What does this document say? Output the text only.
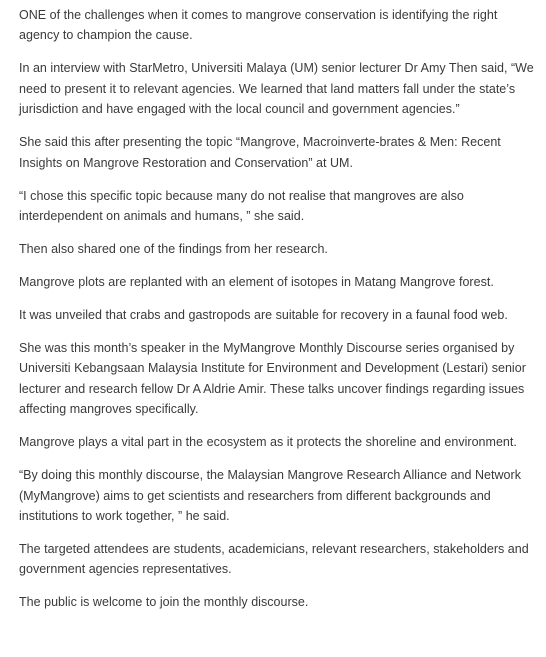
ONE of the challenges when it comes to mangrove conservation is identifying the right agency to champion the cause.

In an interview with StarMetro, Universiti Malaya (UM) senior lecturer Dr Amy Then said, “We need to present it to relevant agencies. We learned that land matters fall under the state’s jurisdiction and have engaged with the local council and government agencies.”

She said this after presenting the topic “Mangrove, Macroinverte-brates & Men: Recent Insights on Mangrove Restoration and Conservation” at UM.

“I chose this specific topic because many do not realise that mangroves are also interdependent on animals and humans, ” she said.

Then also shared one of the findings from her research.

Mangrove plots are replanted with an element of isotopes in Matang Mangrove forest.

It was unveiled that crabs and gastropods are suitable for recovery in a faunal food web.

She was this month’s speaker in the MyMangrove Monthly Discourse series organised by Universiti Kebangsaan Malaysia Institute for Environment and Development (Lestari) senior lecturer and research fellow Dr A Aldrie Amir. These talks uncover findings regarding issues affecting mangroves specifically.

Mangrove plays a vital part in the ecosystem as it protects the shoreline and environment.

“By doing this monthly discourse, the Malaysian Mangrove Research Alliance and Network (MyMangrove) aims to get scientists and researchers from different backgrounds and institutions to work together, ” he said.

The targeted attendees are students, academicians, relevant researchers, stakeholders and government agencies representatives.

The public is welcome to join the monthly discourse.
